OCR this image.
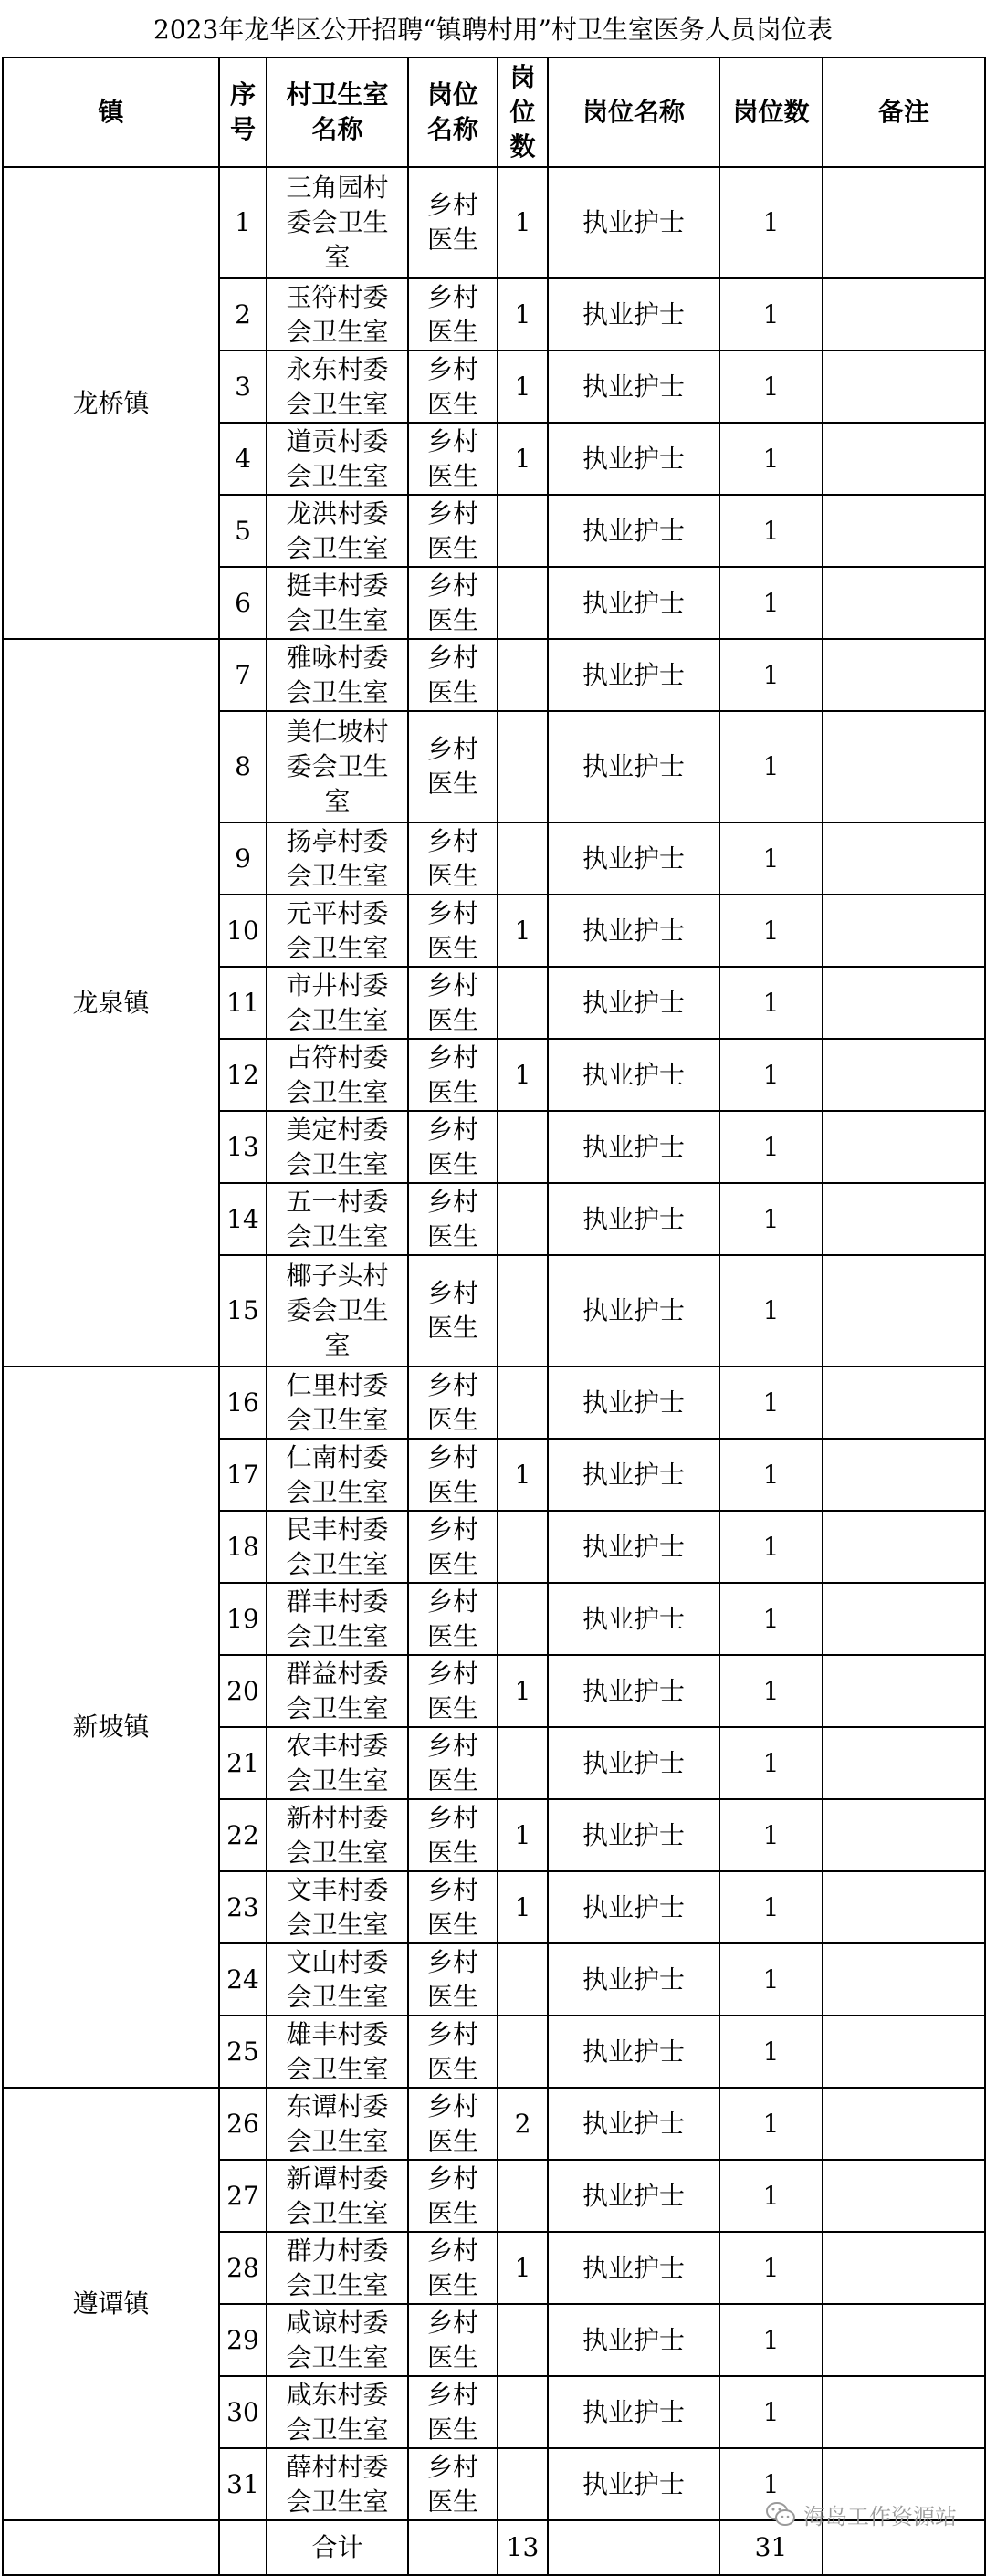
2023年龙华区公开招聘“镇聘村用”村卫生室医务人员岗位表
镇	序号	村卫生室名称	岗位名称	岗位数	岗位名称	岗位数	备注
龙桥镇	1	三角园村委会卫生室	乡村医生	1	执业护士	1	
	2	玉符村委会卫生室	乡村医生	1	执业护士	1	
	3	永东村委会卫生室	乡村医生	1	执业护士	1	
	4	道贡村委会卫生室	乡村医生	1	执业护士	1	
	5	龙洪村委会卫生室	乡村医生		执业护士	1	
	6	挺丰村委会卫生室	乡村医生		执业护士	1	
龙泉镇	7	雅咏村委会卫生室	乡村医生		执业护士	1	
	8	美仁坡村委会卫生室	乡村医生		执业护士	1	
	9	扬亭村委会卫生室	乡村医生		执业护士	1	
	10	元平村委会卫生室	乡村医生	1	执业护士	1	
	11	市井村委会卫生室	乡村医生		执业护士	1	
	12	占符村委会卫生室	乡村医生	1	执业护士	1	
	13	美定村委会卫生室	乡村医生		执业护士	1	
	14	五一村委会卫生室	乡村医生		执业护士	1	
	15	椰子头村委会卫生室	乡村医生		执业护士	1	
新坡镇	16	仁里村委会卫生室	乡村医生		执业护士	1	
	17	仁南村委会卫生室	乡村医生	1	执业护士	1	
	18	民丰村委会卫生室	乡村医生		执业护士	1	
	19	群丰村委会卫生室	乡村医生		执业护士	1	
	20	群益村委会卫生室	乡村医生	1	执业护士	1	
	21	农丰村委会卫生室	乡村医生		执业护士	1	
	22	新村村委会卫生室	乡村医生	1	执业护士	1	
	23	文丰村委会卫生室	乡村医生	1	执业护士	1	
	24	文山村委会卫生室	乡村医生		执业护士	1	
	25	雄丰村委会卫生室	乡村医生		执业护士	1	
遵谭镇	26	东谭村委会卫生室	乡村医生	2	执业护士	1	
	27	新谭村委会卫生室	乡村医生		执业护士	1	
	28	群力村委会卫生室	乡村医生	1	执业护士	1	
	29	咸谅村委会卫生室	乡村医生		执业护士	1	
	30	咸东村委会卫生室	乡村医生		执业护士	1	
	31	薛村村委会卫生室	乡村医生		执业护士	1	
		合计		13		31	
海岛工作资源站
